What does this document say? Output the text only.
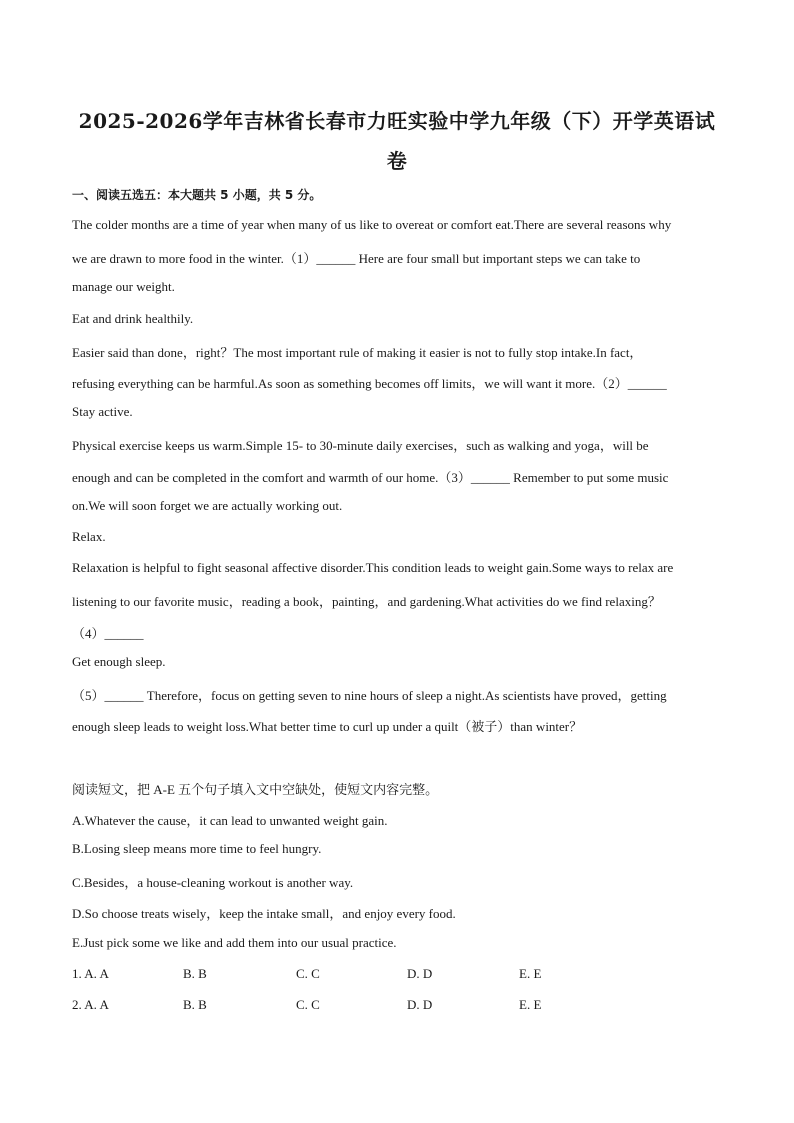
2025-2026学年吉林省长春市力旺实验中学九年级（下）开学英语试
卷
一、阅读五选五：本大题共 5 小题，共 5 分。
The colder months are a time of year when many of us like to overeat or comfort eat.There are several reasons why
we are drawn to more food in the winter.（1）______ Here are four small but important steps we can take to
manage our weight.
Eat and drink healthily.
Easier said than done，right？The most important rule of making it easier is not to fully stop intake.In fact，
refusing everything can be harmful.As soon as something becomes off limits，we will want it more.（2）______
Stay active.
Physical exercise keeps us warm.Simple 15- to 30-minute daily exercises，such as walking and yoga，will be
enough and can be completed in the comfort and warmth of our home.（3）______ Remember to put some music
on.We will soon forget we are actually working out.
Relax.
Relaxation is helpful to fight seasonal affective disorder.This condition leads to weight gain.Some ways to relax are
listening to our favorite music，reading a book，painting，and gardening.What activities do we find relaxing？
（4）______
Get enough sleep.
（5）______ Therefore，focus on getting seven to nine hours of sleep a night.As scientists have proved，getting
enough sleep leads to weight loss.What better time to curl up under a quilt（被子）than winter？
阅读短文，把 A-E 五个句子填入文中空缺处，使短文内容完整。
A.Whatever the cause，it can lead to unwanted weight gain.
B.Losing sleep means more time to feel hungry.
C.Besides，a house-cleaning workout is another way.
D.So choose treats wisely，keep the intake small，and enjoy every food.
E.Just pick some we like and add them into our usual practice.
1. A. A	B. B	C. C	D. D	E. E
2. A. A	B. B	C. C	D. D	E. E
